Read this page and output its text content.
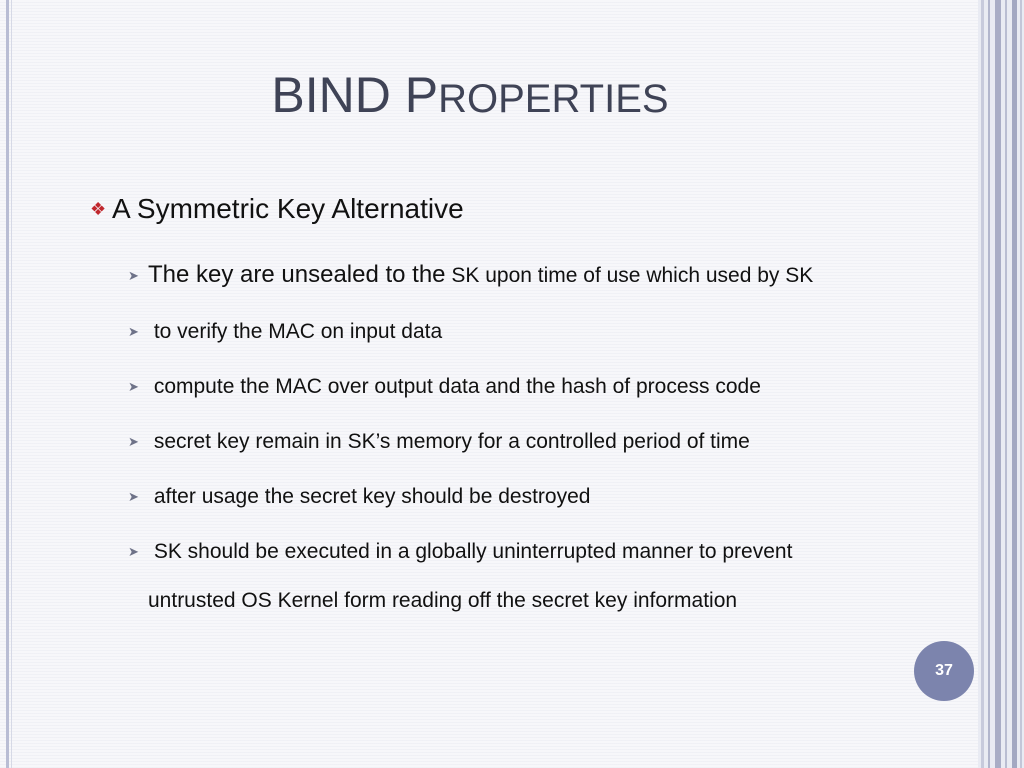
BIND PROPERTIES
❖ A Symmetric Key Alternative
➤ The key are unsealed to the SK upon time of use which used by SK
➤ to verify the MAC on input data
➤ compute the MAC over output data and the hash of process code
➤ secret key remain in SK’s memory for a controlled period of time
➤ after usage the secret key should be destroyed
➤ SK should be executed in a globally uninterrupted manner to prevent
untrusted OS Kernel form reading off the secret key information
37
